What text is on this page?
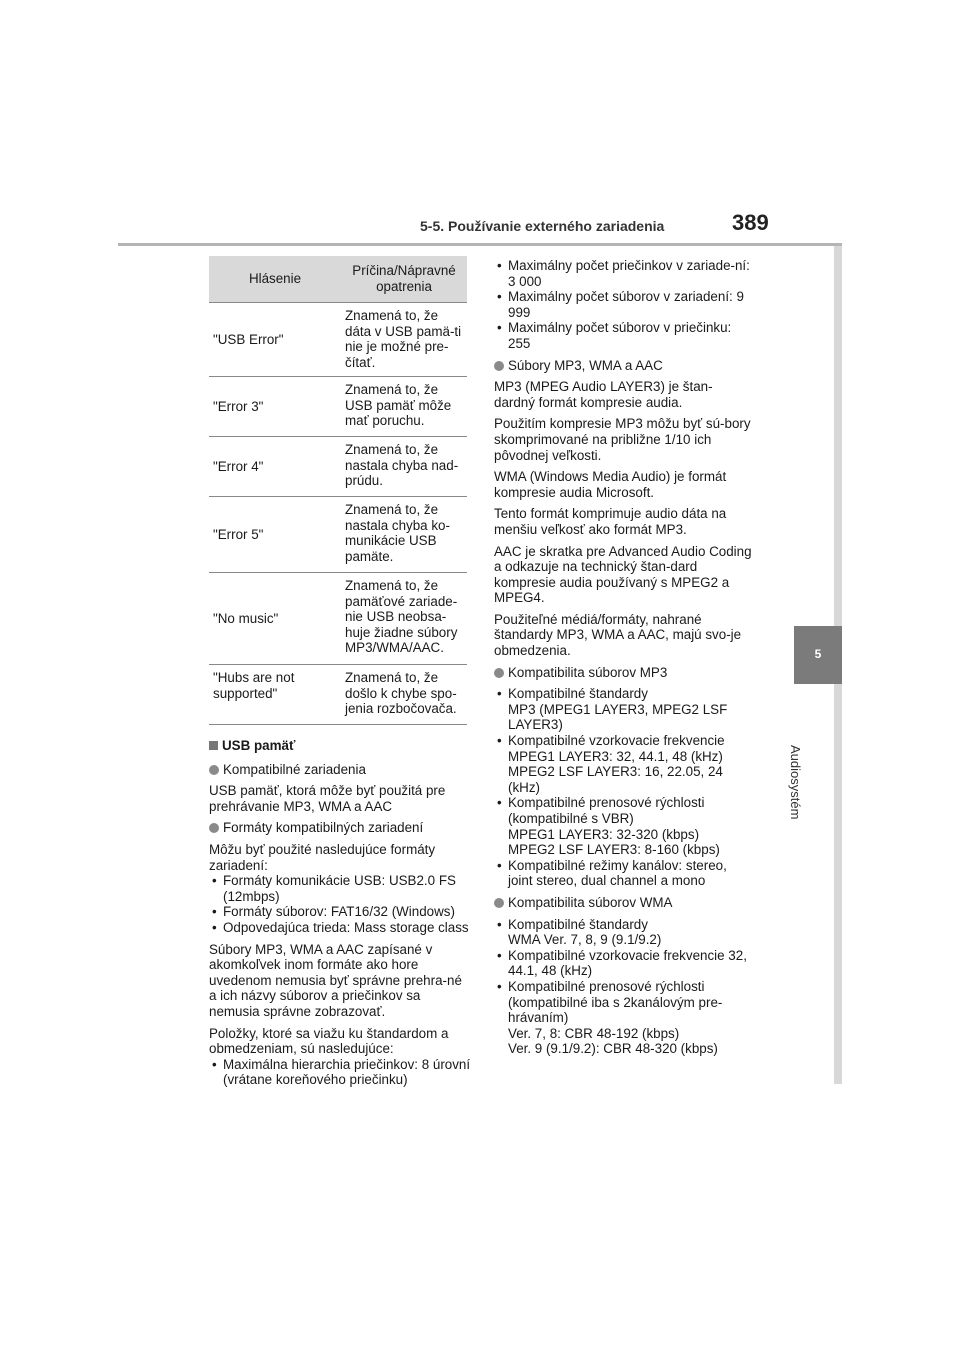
5-5. Používanie externého zariadenia	389
5
Audiosystém
Hlásenie	Príčina/Nápravné opatrenia
"USB Error"	Znamená to, že dáta v USB pamä-ti nie je možné pre-čítať.
"Error 3"	Znamená to, že USB pamäť môže mať poruchu.
"Error 4"	Znamená to, že nastala chyba nad-prúdu.
"Error 5"	Znamená to, že nastala chyba ko-munikácie USB pamäte.
"No music"	Znamená to, že pamäťové zariade-nie USB neobsa-huje žiadne súbory MP3/WMA/AAC.
"Hubs are not supported"	Znamená to, že došlo k chybe spo-jenia rozbočovača.

USB pamäť

Kompatibilné zariadenia

USB pamäť, ktorá môže byť použitá pre prehrávanie MP3, WMA a AAC

Formáty kompatibilných zariadení

Môžu byť použité nasledujúce formáty zariadení:

• Formáty komunikácie USB: USB2.0 FS (12mbps)
• Formáty súborov: FAT16/32 (Windows)
• Odpovedajúca trieda: Mass storage class

Súbory MP3, WMA a AAC zapísané v akomkoľvek inom formáte ako hore uvedenom nemusia byť správne prehra-né a ich názvy súborov a priečinkov sa nemusia správne zobrazovať.

Položky, ktoré sa viažu ku štandardom a obmedzeniam, sú nasledujúce:

• Maximálna hierarchia priečinkov: 8 úrovní (vrátane koreňového priečinku)
• Maximálny počet priečinkov v zariade-ní: 3 000
• Maximálny počet súborov v zariadení: 9 999
• Maximálny počet súborov v priečinku: 255
Súbory MP3, WMA a AAC

MP3 (MPEG Audio LAYER3) je štan-dardný formát kompresie audia.

Použitím kompresie MP3 môžu byť sú-bory skomprimované na približne 1/10 ich pôvodnej veľkosti.

WMA (Windows Media Audio) je formát kompresie audia Microsoft.

Tento formát komprimuje audio dáta na menšiu veľkosť ako formát MP3.

AAC je skratka pre Advanced Audio Coding a odkazuje na technický štan-dard kompresie audia používaný s MPEG2 a MPEG4.

Použiteľné médiá/formáty, nahrané štandardy MP3, WMA a AAC, majú svo-je obmedzenia.

Kompatibilita súborov MP3
• Kompatibilné štandardy
MP3 (MPEG1 LAYER3, MPEG2 LSF LAYER3)
• Kompatibilné vzorkovacie frekvencie
MPEG1 LAYER3: 32, 44.1, 48 (kHz)
MPEG2 LSF LAYER3: 16, 22.05, 24 (kHz)
• Kompatibilné prenosové rýchlosti (kompatibilné s VBR)
MPEG1 LAYER3: 32-320 (kbps)
MPEG2 LSF LAYER3: 8-160 (kbps)
• Kompatibilné režimy kanálov: stereo, joint stereo, dual channel a mono
Kompatibilita súborov WMA
• Kompatibilné štandardy
WMA Ver. 7, 8, 9 (9.1/9.2)
• Kompatibilné vzorkovacie frekvencie 32, 44.1, 48 (kHz)
• Kompatibilné prenosové rýchlosti (kompatibilné iba s 2kanálovým pre-hrávaním)
Ver. 7, 8: CBR 48-192 (kbps)
Ver. 9 (9.1/9.2): CBR 48-320 (kbps)
